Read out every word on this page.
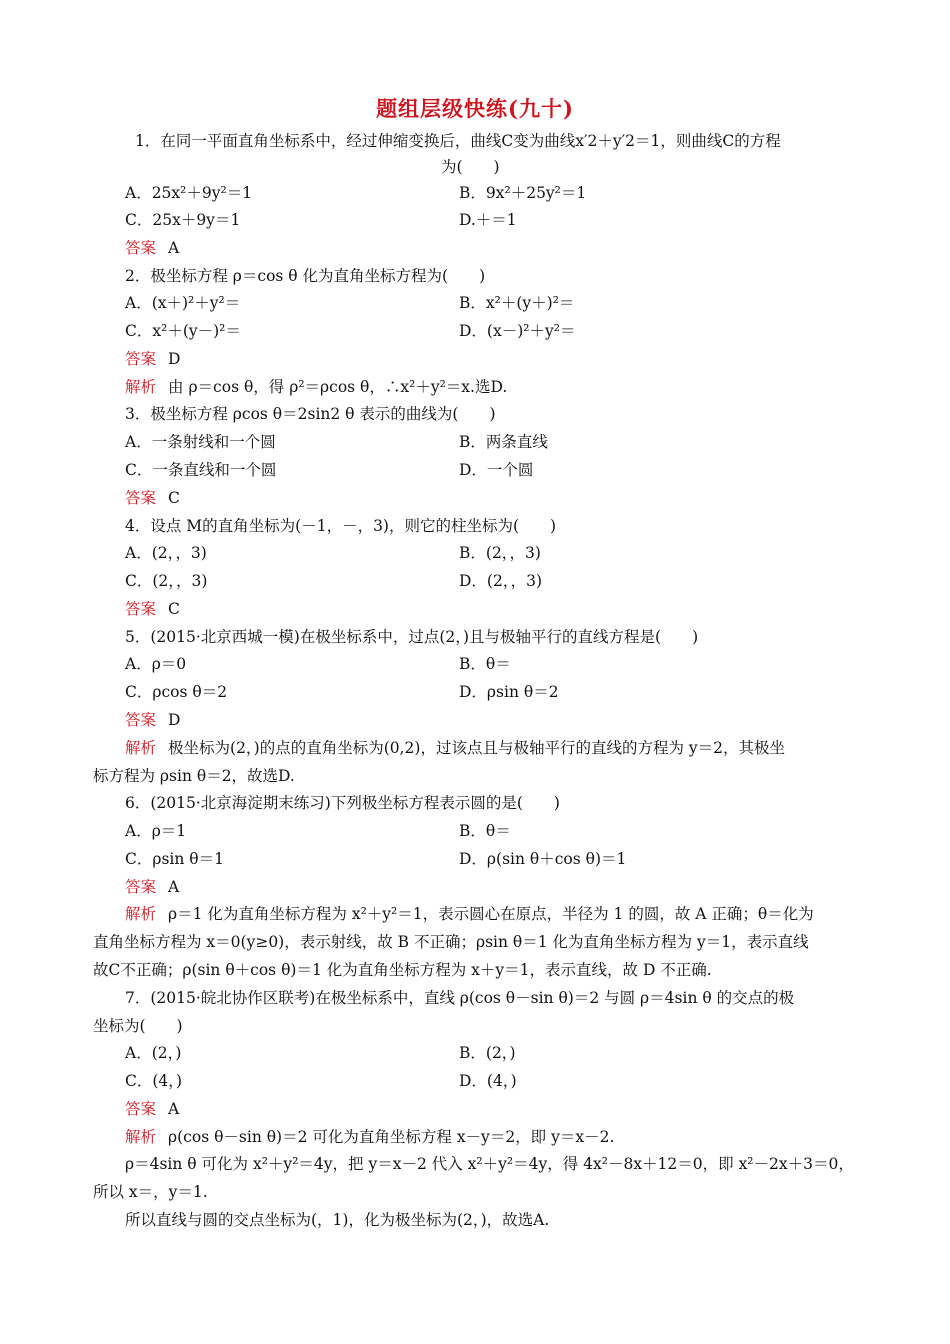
题组层级快练(九十)
1．在同一平面直角坐标系中，经过伸缩变换后，曲线C变为曲线x′2＋y′2＝1，则曲线C的方程
为(　　)
A．25x²＋9y²＝1	B．9x²＋25y²＝1
C．25x＋9y＝1	D.＋＝1
答案 A
2．极坐标方程 ρ＝cos θ 化为直角坐标方程为(　　)
A．(x＋)²＋y²＝	B．x²＋(y＋)²＝
C．x²＋(y－)²＝	D．(x－)²＋y²＝
答案 D
解析 由 ρ＝cos θ，得 ρ²＝ρcos θ，∴x²＋y²＝x.选D.
3．极坐标方程 ρcos θ＝2sin2 θ 表示的曲线为(　　)
A．一条射线和一个圆	B．两条直线
C．一条直线和一个圆	D．一个圆
答案 C
4．设点 M的直角坐标为(－1，－，3)，则它的柱坐标为(　　)
A．(2，，3)	B．(2，，3)
C．(2，，3)	D．(2，，3)
答案 C
5．(2015·北京西城一模)在极坐标系中，过点(2，)且与极轴平行的直线方程是(　　)
A．ρ＝0	B．θ＝
C．ρcos θ＝2	D．ρsin θ＝2
答案 D
解析 极坐标为(2，)的点的直角坐标为(0,2)，过该点且与极轴平行的直线的方程为 y＝2，其极坐
标方程为 ρsin θ＝2，故选D.
6．(2015·北京海淀期末练习)下列极坐标方程表示圆的是(　　)
A．ρ＝1	B．θ＝
C．ρsin θ＝1	D．ρ(sin θ＋cos θ)＝1
答案 A
解析 ρ＝1 化为直角坐标方程为 x²＋y²＝1，表示圆心在原点，半径为 1 的圆，故 A 正确；θ＝化为
直角坐标方程为 x＝0(y≥0)，表示射线，故 B 不正确；ρsin θ＝1 化为直角坐标方程为 y＝1，表示直线
故C不正确；ρ(sin θ＋cos θ)＝1 化为直角坐标方程为 x＋y＝1，表示直线，故 D 不正确.
7．(2015·皖北协作区联考)在极坐标系中，直线 ρ(cos θ－sin θ)＝2 与圆 ρ＝4sin θ 的交点的极
坐标为(　　)
A．(2，)	B．(2，)
C．(4，)	D．(4，)
答案 A
解析 ρ(cos θ－sin θ)＝2 可化为直角坐标方程 x－y＝2，即 y＝x－2.
ρ＝4sin θ 可化为 x²＋y²＝4y，把 y＝x－2 代入 x²＋y²＝4y，得 4x²－8x＋12＝0，即 x²－2x＋3＝0，
所以 x＝，y＝1.
所以直线与圆的交点坐标为(，1)，化为极坐标为(2，)，故选A.
